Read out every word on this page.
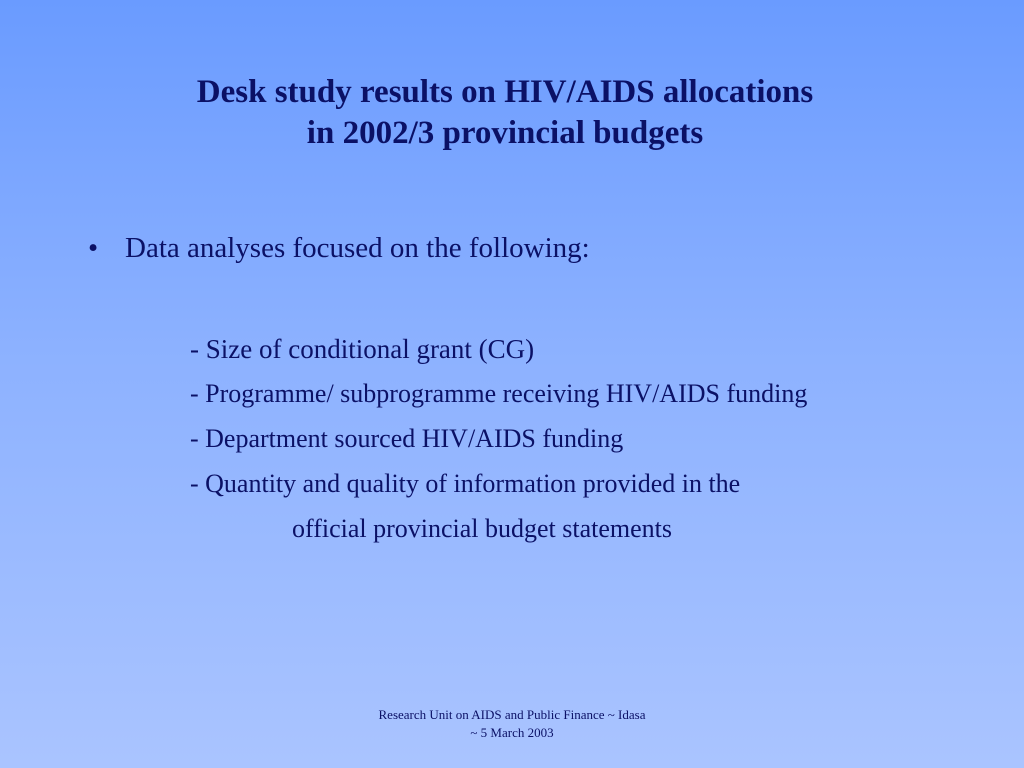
Desk study results on HIV/AIDS allocations
in 2002/3 provincial budgets
• Data analyses focused on the following:
- Size of conditional grant (CG)
- Programme/ subprogramme receiving HIV/AIDS funding
- Department sourced HIV/AIDS funding
- Quantity and quality of information provided in the
official provincial budget statements
Research Unit on AIDS and Public Finance ~ Idasa
~ 5 March 2003
